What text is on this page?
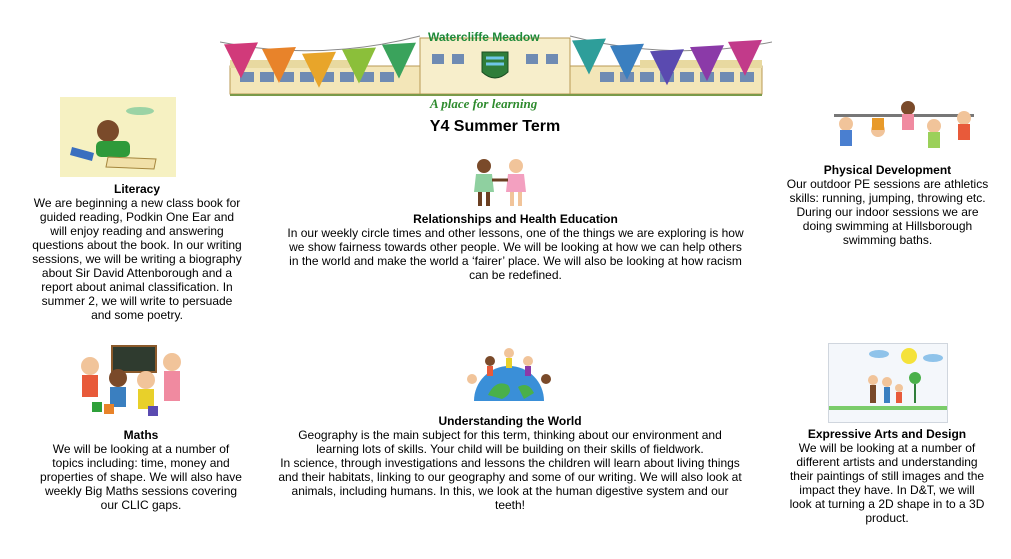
Watercliffe Meadow
A place for learning
Y4 Summer Term
Literacy

We are beginning a new class book for guided reading, Podkin One Ear and will enjoy reading and answering questions about the book. In our writing sessions, we will be writing a biography about Sir David Attenborough and a report about animal classification. In summer 2, we will write to persuade and some poetry.

Relationships and Health Education

In our weekly circle times and other lessons, one of the things we are exploring is how we show fairness towards other people. We will be looking at how we can help others in the world and make the world a ‘fairer’ place. We will also be looking at how racism can be redefined.

Physical Development

Our outdoor PE sessions are athletics skills: running, jumping, throwing etc. During our indoor sessions we are doing swimming at Hillsborough swimming baths.

Maths

We will be looking at a number of topics including: time, money and properties of shape. We will also have weekly Big Maths sessions covering our CLIC gaps.

Understanding the World

Geography is the main subject for this term, thinking about our environment and learning lots of skills. Your child will be building on their skills of fieldwork.

In science, through investigations and lessons the children will learn about living things and their habitats, linking to our geography and some of our writing. We will also look at animals, including humans. In this, we look at the human digestive system and our teeth!

Expressive Arts and Design

We will be looking at a number of different artists and understanding their paintings of still images and the impact they have. In D&T, we will look at turning a 2D shape in to a 3D product.
